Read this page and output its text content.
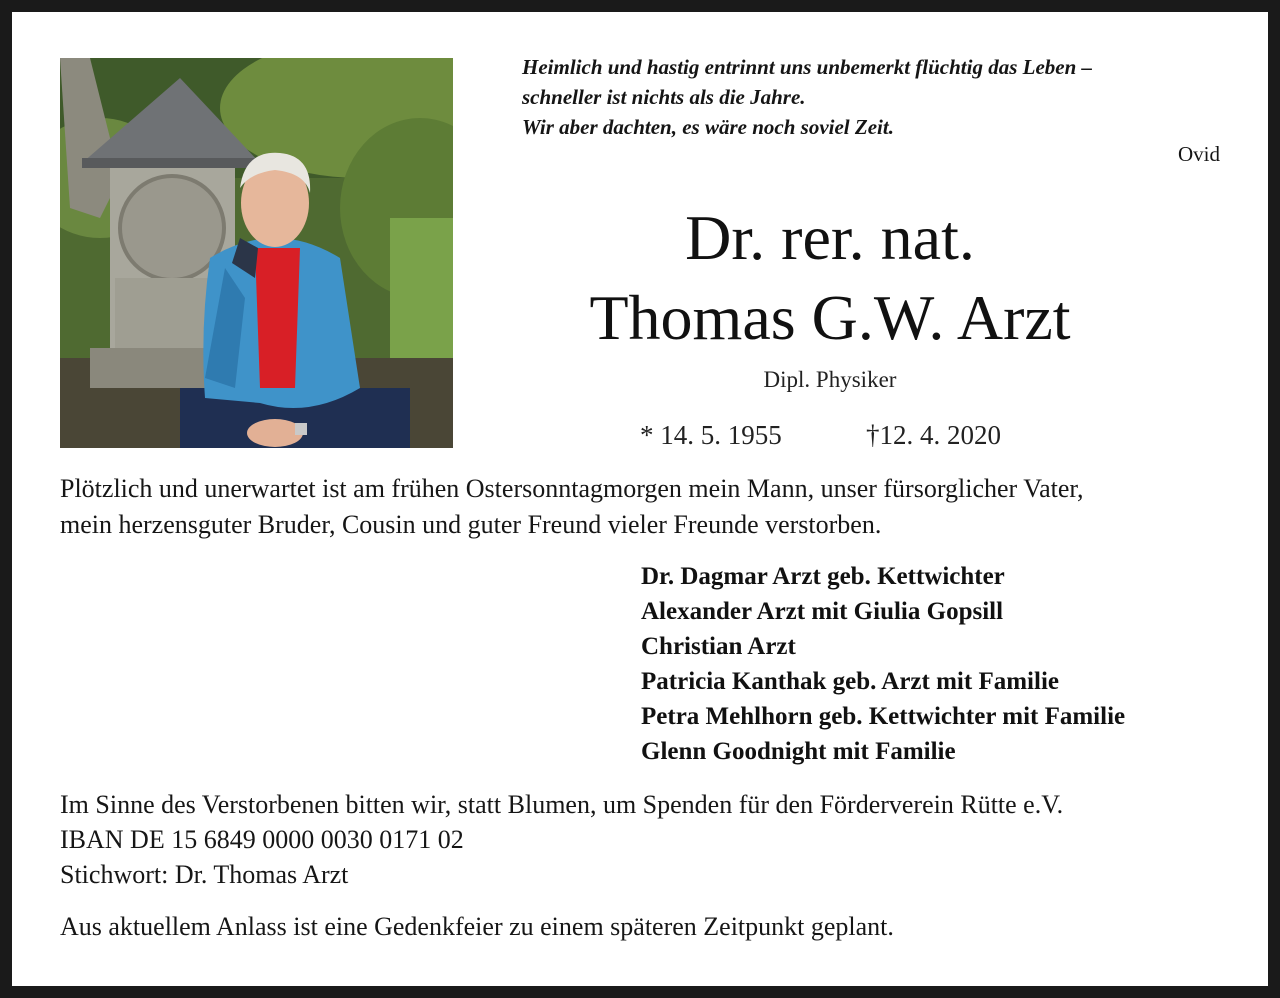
Heimlich und hastig entrinnt uns unbemerkt flüchtig das Leben –
schneller ist nichts als die Jahre.
Wir aber dachten, es wäre noch soviel Zeit.
Ovid
Dr. rer. nat.
Thomas G.W. Arzt
Dipl. Physiker
* 14. 5. 1955	†12. 4. 2020
Plötzlich und unerwartet ist am frühen Ostersonntagmorgen mein Mann, unser fürsorglicher Vater,
mein herzensguter Bruder, Cousin und guter Freund vieler Freunde verstorben.
Dr. Dagmar Arzt geb. Kettwichter
Alexander Arzt mit Giulia Gopsill
Christian Arzt
Patricia Kanthak geb. Arzt mit Familie
Petra Mehlhorn geb. Kettwichter mit Familie
Glenn Goodnight mit Familie
Im Sinne des Verstorbenen bitten wir, statt Blumen, um Spenden für den Förderverein Rütte e.V.
IBAN DE 15 6849 0000 0030 0171 02
Stichwort: Dr. Thomas Arzt
Aus aktuellem Anlass ist eine Gedenkfeier zu einem späteren Zeitpunkt geplant.
